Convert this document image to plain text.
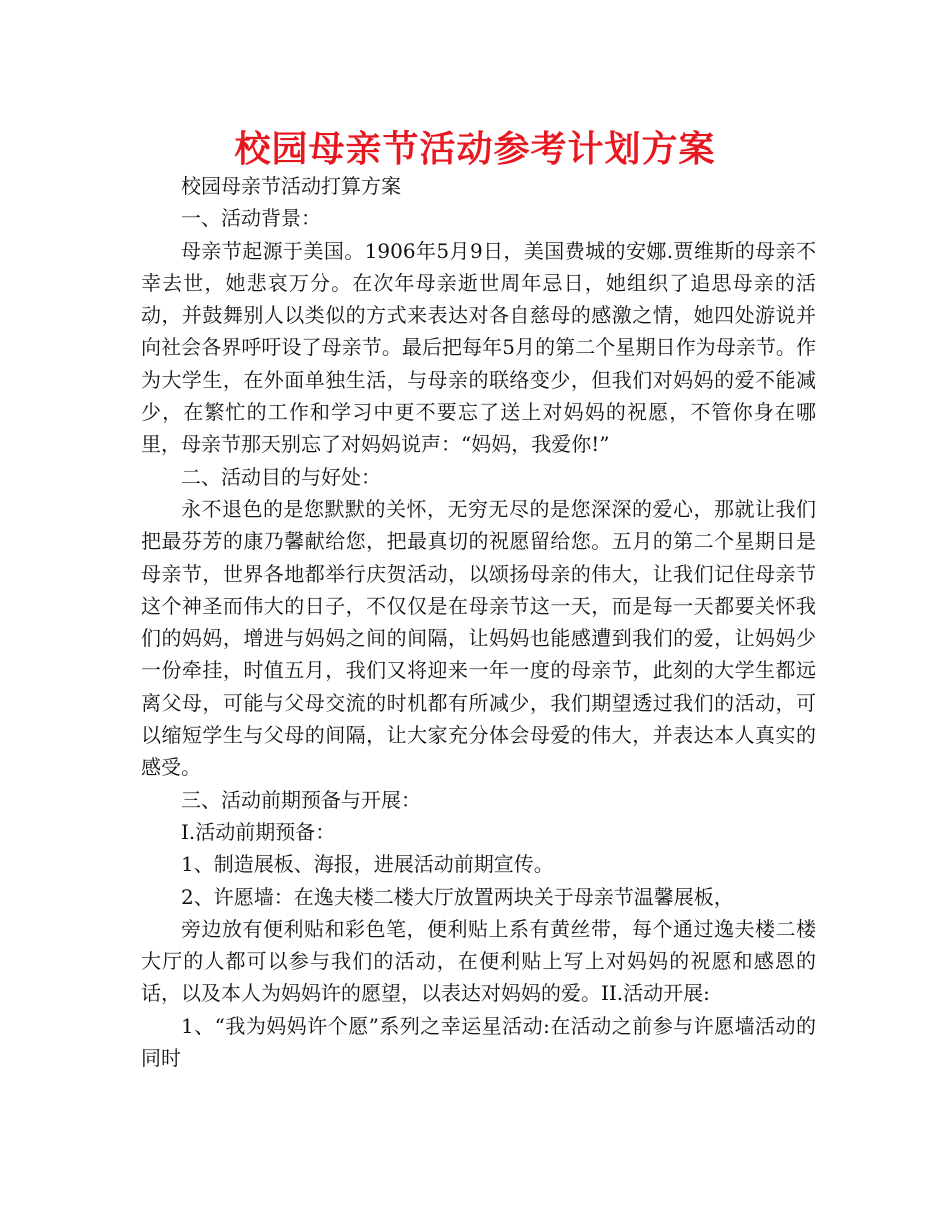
校园母亲节活动参考计划方案

校园母亲节活动打算方案

一、活动背景：

母亲节起源于美国。1906年5月9日，美国费城的安娜.贾维斯的母亲不幸去世，她悲哀万分。在次年母亲逝世周年忌日，她组织了追思母亲的活动，并鼓舞别人以类似的方式来表达对各自慈母的感激之情，她四处游说并向社会各界呼吁设了母亲节。最后把每年5月的第二个星期日作为母亲节。作为大学生，在外面单独生活，与母亲的联络变少，但我们对妈妈的爱不能减少，在繁忙的工作和学习中更不要忘了送上对妈妈的祝愿，不管你身在哪里，母亲节那天别忘了对妈妈说声：“妈妈，我爱你!”

二、活动目的与好处：

永不退色的是您默默的关怀，无穷无尽的是您深深的爱心，那就让我们把最芬芳的康乃馨献给您，把最真切的祝愿留给您。五月的第二个星期日是母亲节，世界各地都举行庆贺活动，以颂扬母亲的伟大，让我们记住母亲节这个神圣而伟大的日子，不仅仅是在母亲节这一天，而是每一天都要关怀我们的妈妈，增进与妈妈之间的间隔，让妈妈也能感遭到我们的爱，让妈妈少一份牵挂，时值五月，我们又将迎来一年一度的母亲节，此刻的大学生都远离父母，可能与父母交流的时机都有所减少，我们期望透过我们的活动，可以缩短学生与父母的间隔，让大家充分体会母爱的伟大，并表达本人真实的感受。

三、活动前期预备与开展：

I.活动前期预备：

1、制造展板、海报，进展活动前期宣传。

2、许愿墙：在逸夫楼二楼大厅放置两块关于母亲节温馨展板，

旁边放有便利贴和彩色笔，便利贴上系有黄丝带，每个通过逸夫楼二楼大厅的人都可以参与我们的活动，在便利贴上写上对妈妈的祝愿和感恩的话，以及本人为妈妈许的愿望，以表达对妈妈的爱。II.活动开展:

1、“我为妈妈许个愿”系列之幸运星活动:在活动之前参与许愿墙活动的同时
